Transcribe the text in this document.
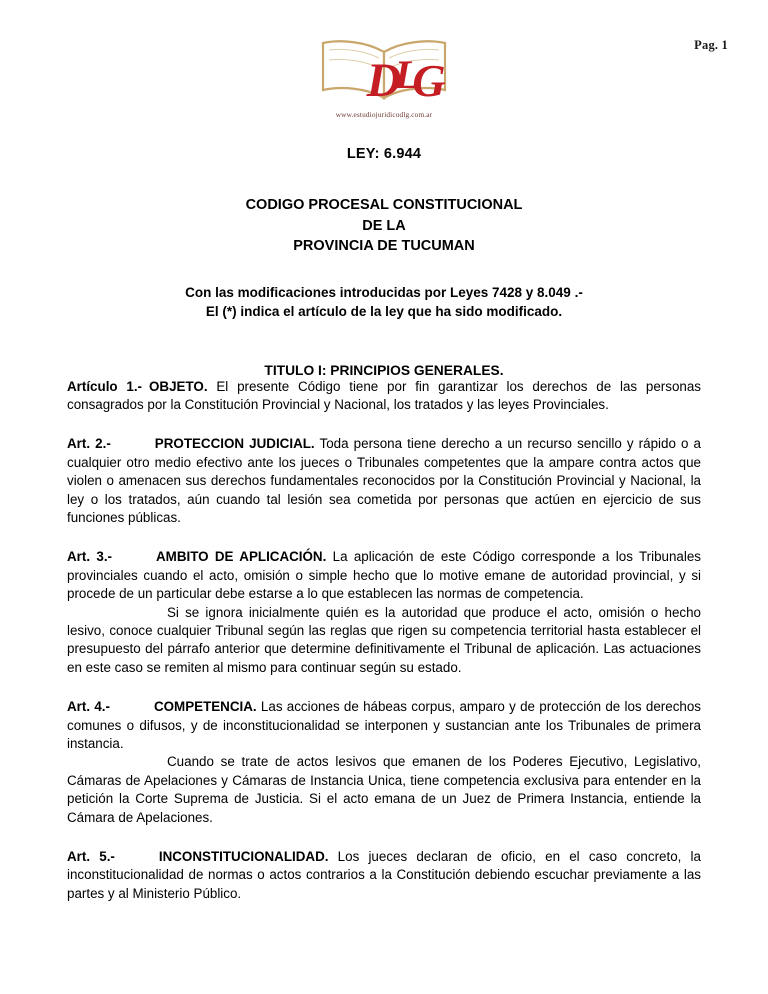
Pag. 1
D
L
G
www.estudiojuridicodlg.com.ar
LEY: 6.944
CODIGO PROCESAL CONSTITUCIONAL
DE LA
PROVINCIA DE TUCUMAN
Con las modificaciones introducidas por Leyes 7428 y 8.049 .-
El (*) indica el artículo de la ley que ha sido modificado.
TITULO I: PRINCIPIOS GENERALES.
Artículo 1.- OBJETO. El presente Código tiene por fin garantizar los derechos de las personas consagrados por la Constitución Provincial y Nacional, los tratados y las leyes Provinciales.
Art. 2.-	PROTECCION JUDICIAL. Toda persona tiene derecho a un recurso sencillo y rápido o a cualquier otro medio efectivo ante los jueces o Tribunales competentes que la ampare contra actos que violen o amenacen sus derechos fundamentales reconocidos por la Constitución Provincial y Nacional, la ley o los tratados, aún cuando tal lesión sea cometida por personas que actúen en ejercicio de sus funciones públicas.
Art. 3.-	AMBITO DE APLICACIÓN. La aplicación de este Código corresponde a los Tribunales provinciales cuando el acto, omisión o simple hecho que lo motive emane de autoridad provincial, y si procede de un particular debe estarse a lo que establecen las normas de competencia.
Si se ignora inicialmente quién es la autoridad que produce el acto, omisión o hecho lesivo, conoce cualquier Tribunal según las reglas que rigen su competencia territorial hasta establecer el presupuesto del párrafo anterior que determine definitivamente el Tribunal de aplicación. Las actuaciones en este caso se remiten al mismo para continuar según su estado.
Art. 4.-	COMPETENCIA. Las acciones de hábeas corpus, amparo y de protección de los derechos comunes o difusos, y de inconstitucionalidad se interponen y sustancian ante los Tribunales de primera instancia.
Cuando se trate de actos lesivos que emanen de los Poderes Ejecutivo, Legislativo, Cámaras de Apelaciones y Cámaras de Instancia Unica, tiene competencia exclusiva para entender en la petición la Corte Suprema de Justicia. Si el acto emana de un Juez de Primera Instancia, entiende la Cámara de Apelaciones.
Art. 5.-	INCONSTITUCIONALIDAD. Los jueces declaran de oficio, en el caso concreto, la inconstitucionalidad de normas o actos contrarios a la Constitución debiendo escuchar previamente a las partes y al Ministerio Público.
